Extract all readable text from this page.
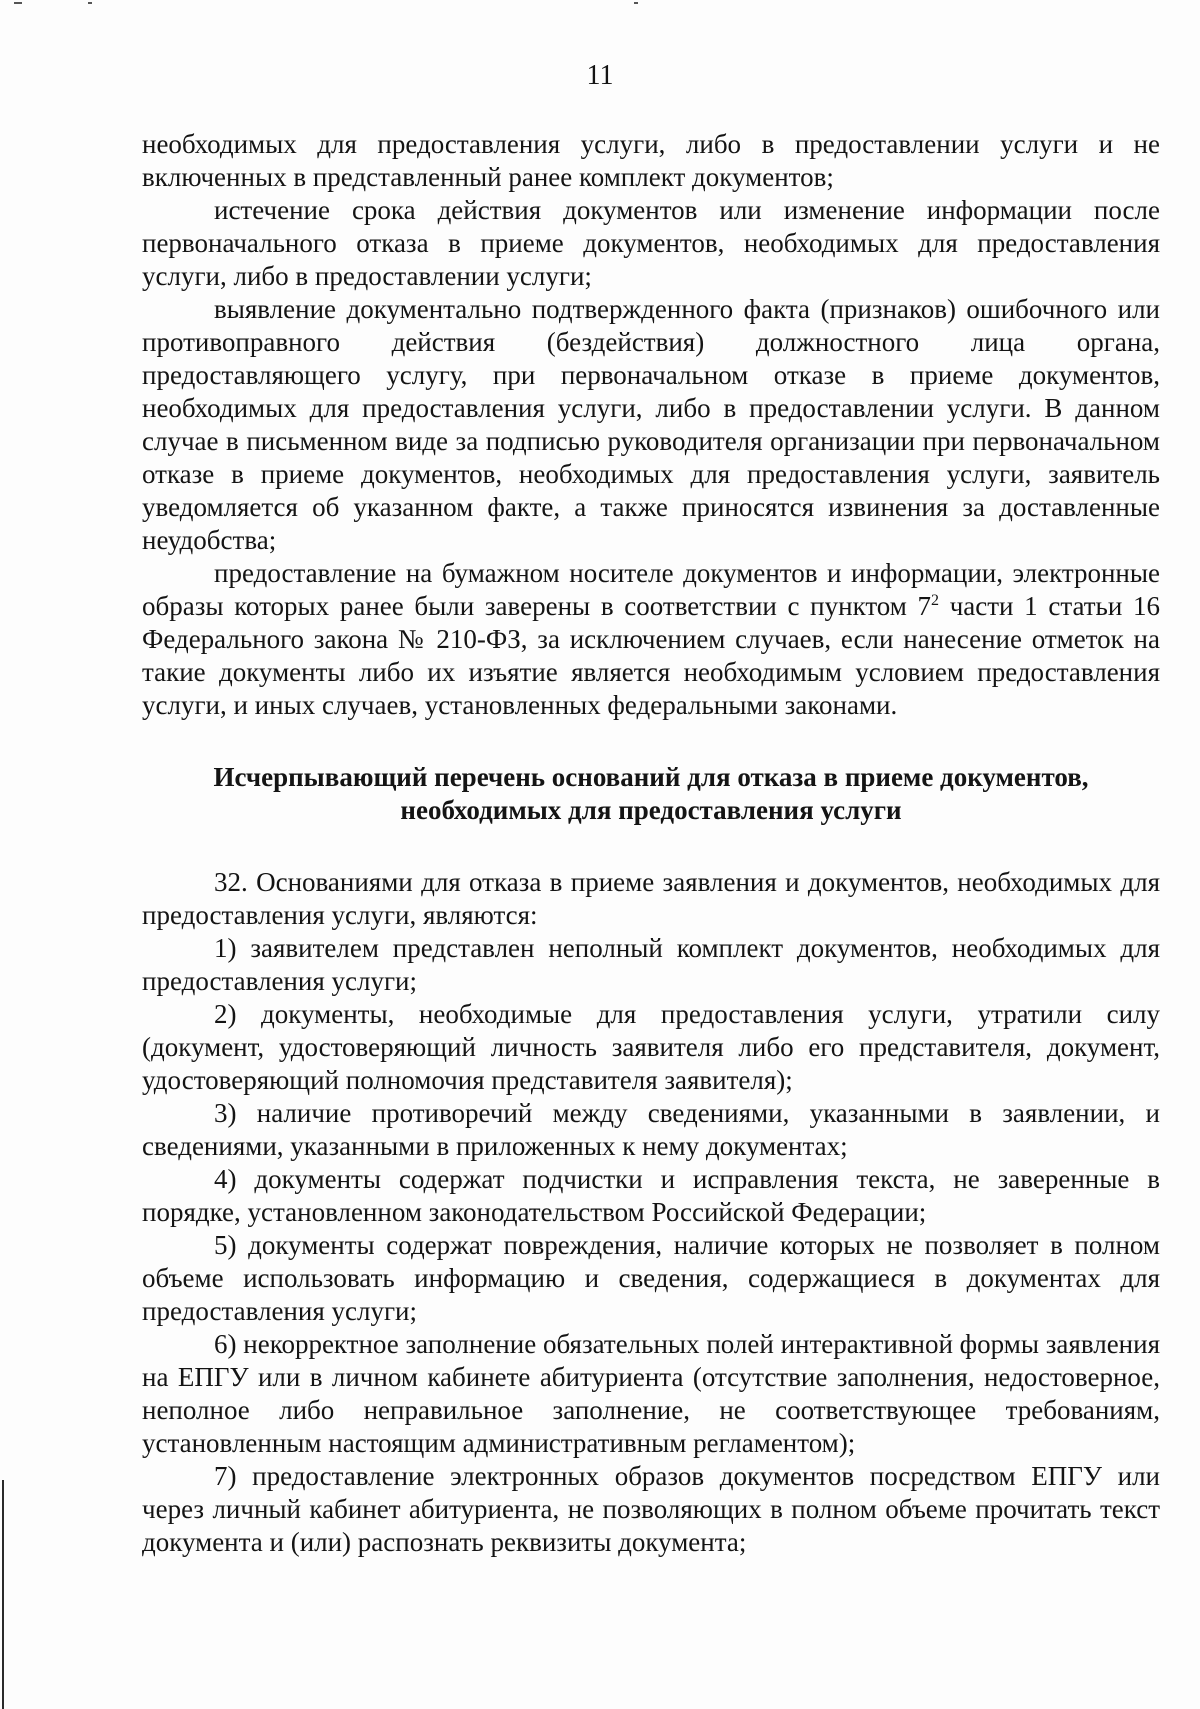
11

необходимых для предоставления услуги, либо в предоставлении услуги и не включенных в представленный ранее комплект документов;

истечение срока действия документов или изменение информации после первоначального отказа в приеме документов, необходимых для предоставления услуги, либо в предоставлении услуги;

выявление документально подтвержденного факта (признаков) ошибочного или противоправного действия (бездействия) должностного лица органа, предоставляющего услугу, при первоначальном отказе в приеме документов, необходимых для предоставления услуги, либо в предоставлении услуги. В данном случае в письменном виде за подписью руководителя организации при первоначальном отказе в приеме документов, необходимых для предоставления услуги, заявитель уведомляется об указанном факте, а также приносятся извинения за доставленные неудобства;

предоставление на бумажном носителе документов и информации, электронные образы которых ранее были заверены в соответствии с пунктом $7^2$ части 1 статьи 16 Федерального закона № 210-ФЗ, за исключением случаев, если нанесение отметок на такие документы либо их изъятие является необходимым условием предоставления услуги, и иных случаев, установленных федеральными законами.

Исчерпывающий перечень оснований для отказа в приеме документов,
необходимых для предоставления услуги

32. Основаниями для отказа в приеме заявления и документов, необходимых для предоставления услуги, являются:

1) заявителем представлен неполный комплект документов, необходимых для предоставления услуги;

2) документы, необходимые для предоставления услуги, утратили силу (документ, удостоверяющий личность заявителя либо его представителя, документ, удостоверяющий полномочия представителя заявителя);

3) наличие противоречий между сведениями, указанными в заявлении, и сведениями, указанными в приложенных к нему документах;

4) документы содержат подчистки и исправления текста, не заверенные в порядке, установленном законодательством Российской Федерации;

5) документы содержат повреждения, наличие которых не позволяет в полном объеме использовать информацию и сведения, содержащиеся в документах для предоставления услуги;

6) некорректное заполнение обязательных полей интерактивной формы заявления на ЕПГУ или в личном кабинете абитуриента (отсутствие заполнения, недостоверное, неполное либо неправильное заполнение, не соответствующее требованиям, установленным настоящим административным регламентом);

7) предоставление электронных образов документов посредством ЕПГУ или через личный кабинет абитуриента, не позволяющих в полном объеме прочитать текст документа и (или) распознать реквизиты документа;
